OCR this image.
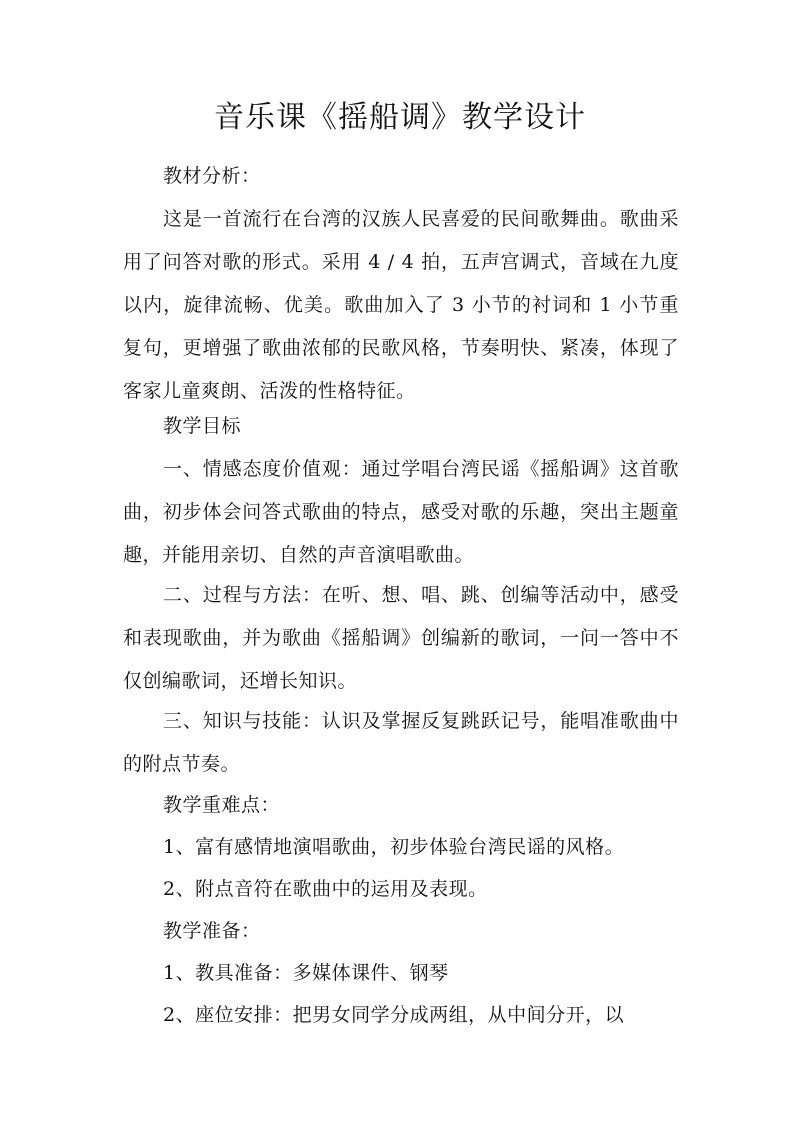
音乐课《摇船调》教学设计

教材分析：

这是一首流行在台湾的汉族人民喜爱的民间歌舞曲。歌曲采用了问答对歌的形式。采用 4 / 4 拍，五声宫调式，音域在九度以内，旋律流畅、优美。歌曲加入了 3 小节的衬词和 1 小节重复句，更增强了歌曲浓郁的民歌风格，节奏明快、紧凑，体现了客家儿童爽朗、活泼的性格特征。

教学目标

一、情感态度价值观：通过学唱台湾民谣《摇船调》这首歌曲，初步体会问答式歌曲的特点，感受对歌的乐趣，突出主题童趣，并能用亲切、自然的声音演唱歌曲。

二、过程与方法：在听、想、唱、跳、创编等活动中，感受和表现歌曲，并为歌曲《摇船调》创编新的歌词，一问一答中不仅创编歌词，还增长知识。

三、知识与技能：认识及掌握反复跳跃记号，能唱准歌曲中的附点节奏。

教学重难点：

1、富有感情地演唱歌曲，初步体验台湾民谣的风格。

2、附点音符在歌曲中的运用及表现。

教学准备：

1、教具准备：多媒体课件、钢琴

2、座位安排：把男女同学分成两组，从中间分开，以
